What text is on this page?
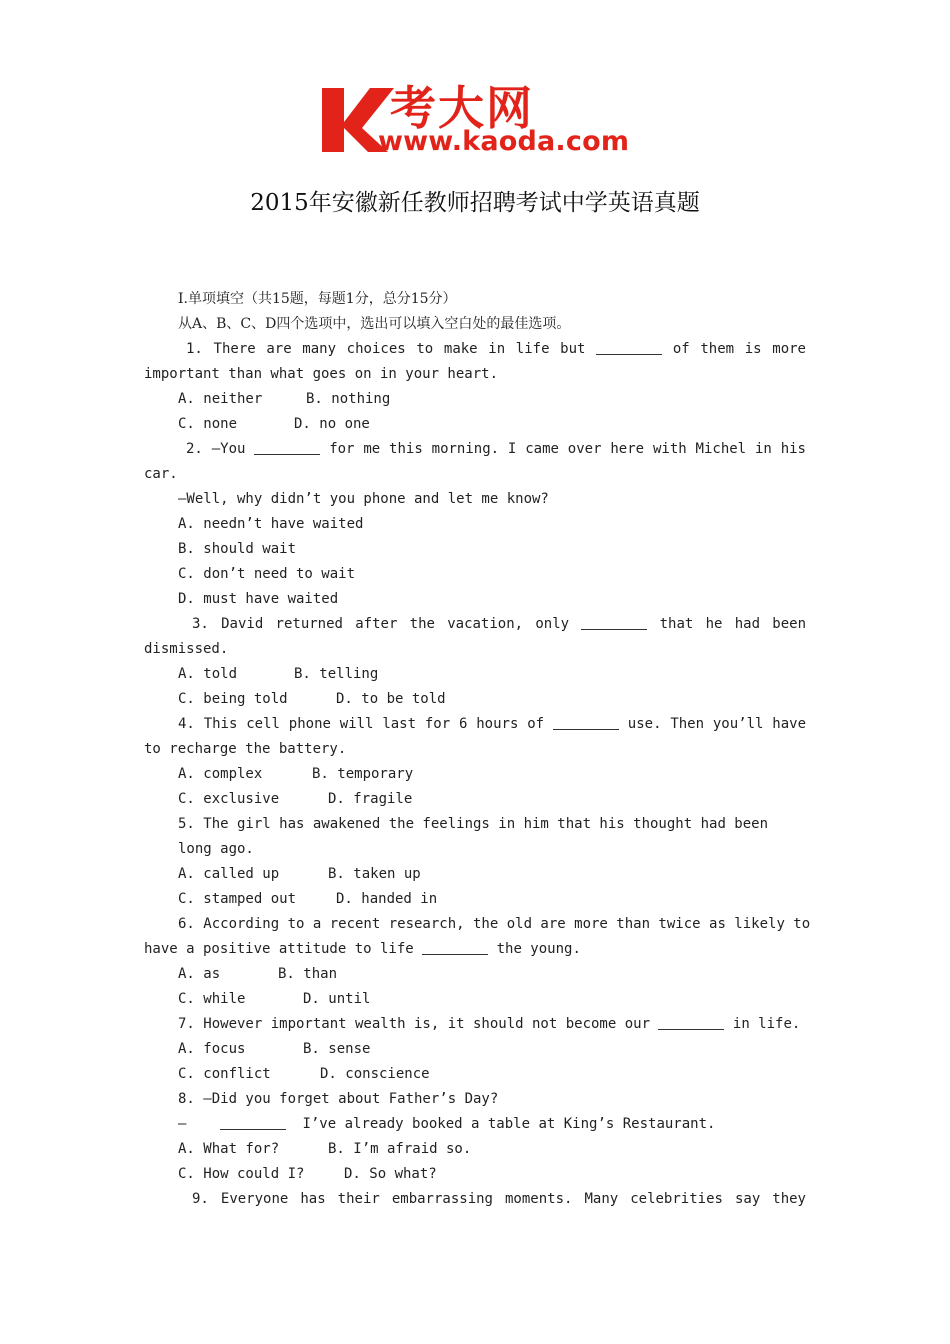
考大网
www.kaoda.com
2015年安徽新任教师招聘考试中学英语真题
I.单项填空（共15题，每题1分，总分15分）
从A、B、C、D四个选项中，选出可以填入空白处的最佳选项。
1. There are many choices to make in life but	of them is more
important than what goes on in your heart.
A. neither	B. nothing
C. none	D. no one
2. —You	for me this morning. I came over here with Michel in his
car.
—Well, why didn’t you phone and let me know?
A. needn’t have waited
B. should wait
C. don’t need to wait
D. must have waited
3. David returned after the vacation, only	that he had been
dismissed.
A. told	B. telling
C. being told	D. to be told
4. This cell phone will last for 6 hours of	use. Then you’ll have
to recharge the battery.
A. complex	B. temporary
C. exclusive	D. fragile
5. The girl has awakened the feelings in him that his thought had been
long ago.
A. called up	B. taken up
C. stamped out	D. handed in
6. According to a recent research, the old are more than twice as likely to
have a positive attitude to life	the young.
A. as	B. than
C. while	D. until
7. However important wealth is, it should not become our	in life.
A. focus	B. sense
C. conflict	D. conscience
8. —Did you forget about Father’s Day?
—	I’ve already booked a table at King’s Restaurant.
A. What for?	B. I’m afraid so.
C. How could I?	D. So what?
9. Everyone has their embarrassing moments. Many celebrities say they
